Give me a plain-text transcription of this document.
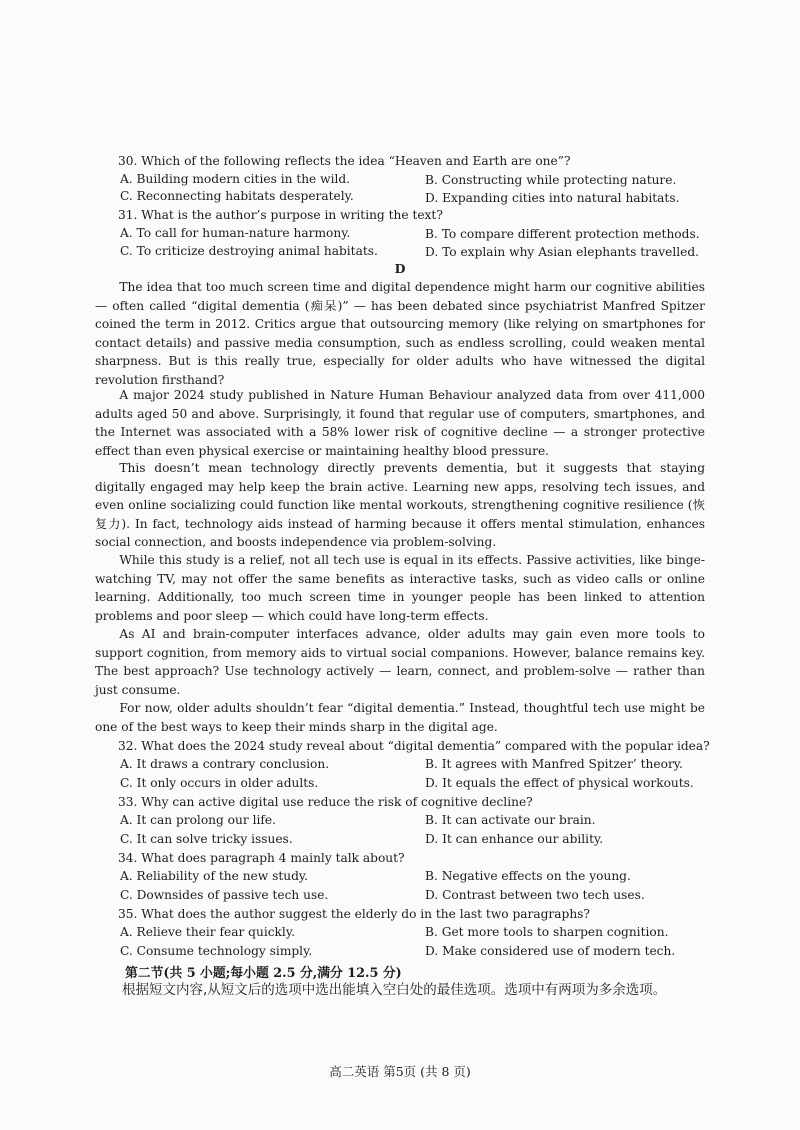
30. Which of the following reflects the idea “Heaven and Earth are one”?
A. Building modern cities in the wild.	B. Constructing while protecting nature.
C. Reconnecting habitats desperately.	D. Expanding cities into natural habitats.
31. What is the author’s purpose in writing the text?
A. To call for human-nature harmony.	B. To compare different protection methods.
C. To criticize destroying animal habitats.	D. To explain why Asian elephants travelled.
D

The idea that too much screen time and digital dependence might harm our cognitive abilities — often called “digital dementia (痴呆)” — has been debated since psychiatrist Manfred Spitzer coined the term in 2012. Critics argue that outsourcing memory (like relying on smartphones for contact details) and passive media consumption, such as endless scrolling, could weaken mental sharpness. But is this really true, especially for older adults who have witnessed the digital revolution firsthand?

A major 2024 study published in Nature Human Behaviour analyzed data from over 411,000 adults aged 50 and above. Surprisingly, it found that regular use of computers, smartphones, and the Internet was associated with a 58% lower risk of cognitive decline — a stronger protective effect than even physical exercise or maintaining healthy blood pressure.

This doesn’t mean technology directly prevents dementia, but it suggests that staying digitally engaged may help keep the brain active. Learning new apps, resolving tech issues, and even online socializing could function like mental workouts, strengthening cognitive resilience (恢复力). In fact, technology aids instead of harming because it offers mental stimulation, enhances social connection, and boosts independence via problem-solving.

While this study is a relief, not all tech use is equal in its effects. Passive activities, like binge-watching TV, may not offer the same benefits as interactive tasks, such as video calls or online learning. Additionally, too much screen time in younger people has been linked to attention problems and poor sleep — which could have long-term effects.

As AI and brain-computer interfaces advance, older adults may gain even more tools to support cognition, from memory aids to virtual social companions. However, balance remains key. The best approach? Use technology actively — learn, connect, and problem-solve — rather than just consume.

For now, older adults shouldn’t fear “digital dementia.” Instead, thoughtful tech use might be one of the best ways to keep their minds sharp in the digital age.

32. What does the 2024 study reveal about “digital dementia” compared with the popular idea?
A. It draws a contrary conclusion.	B. It agrees with Manfred Spitzer’ theory.
C. It only occurs in older adults.	D. It equals the effect of physical workouts.
33. Why can active digital use reduce the risk of cognitive decline?
A. It can prolong our life.	B. It can activate our brain.
C. It can solve tricky issues.	D. It can enhance our ability.
34. What does paragraph 4 mainly talk about?
A. Reliability of the new study.	B. Negative effects on the young.
C. Downsides of passive tech use.	D. Contrast between two tech uses.
35. What does the author suggest the elderly do in the last two paragraphs?
A. Relieve their fear quickly.	B. Get more tools to sharpen cognition.
C. Consume technology simply.	D. Make considered use of modern tech.
第二节(共 5 小题;每小题 2.5 分,满分 12.5 分)

根据短文内容,从短文后的选项中选出能填入空白处的最佳选项。选项中有两项为多余选项。

高二英语 第5页 (共 8 页)
